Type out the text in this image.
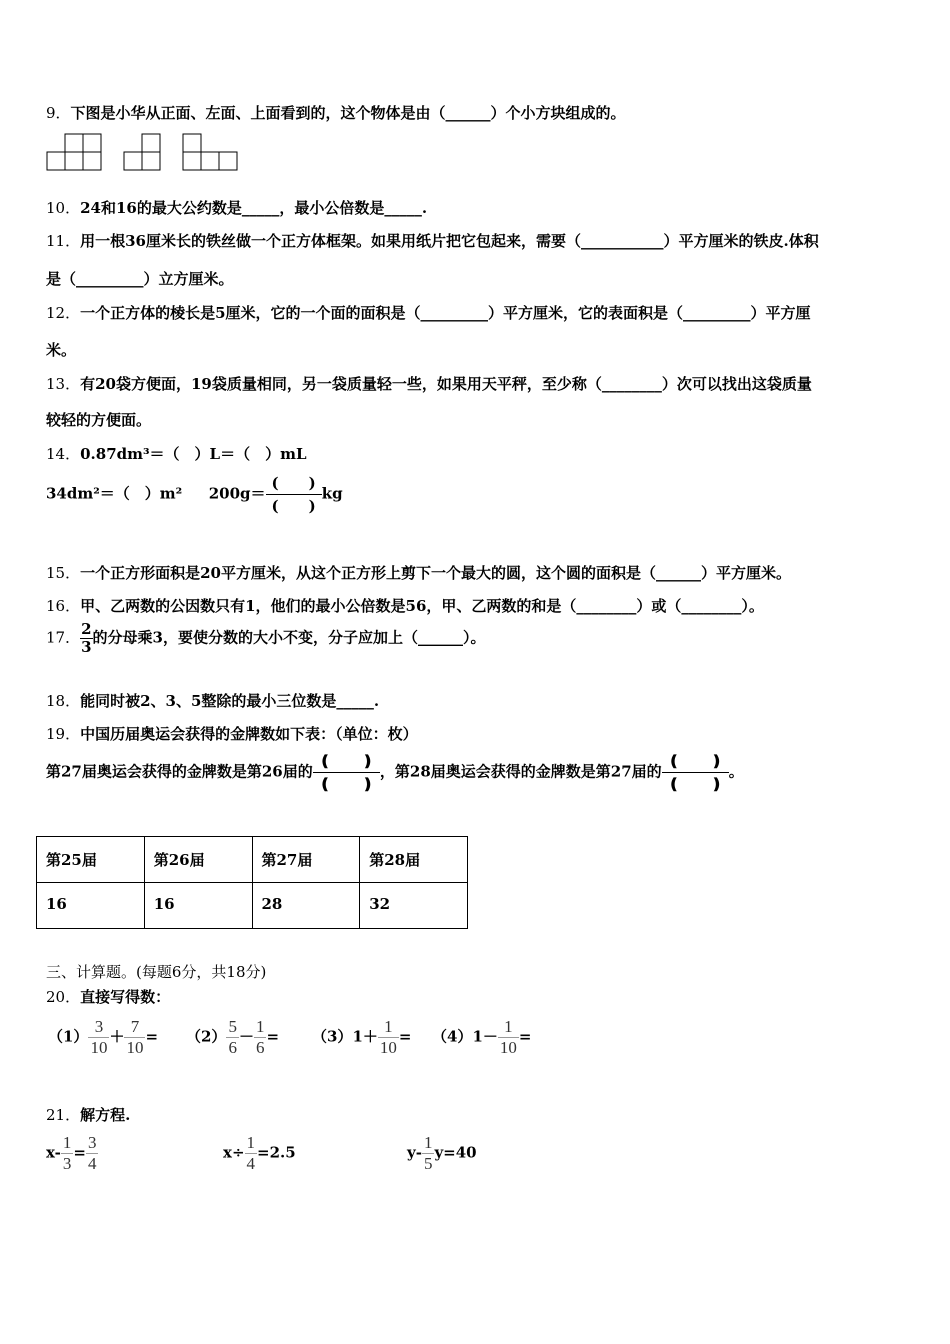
9．下图是小华从正面、左面、上面看到的，这个物体是由（______）个小方块组成的。
10．24和16的最大公约数是_____，最小公倍数是_____.
11．用一根36厘米长的铁丝做一个正方体框架。如果用纸片把它包起来，需要（___________）平方厘米的铁皮.体积
是（_________）立方厘米。
12．一个正方体的棱长是5厘米，它的一个面的面积是（_________）平方厘米，它的表面积是（_________）平方厘
米。
13．有20袋方便面，19袋质量相同，另一袋质量轻一些，如果用天平秤，至少称（________）次可以找出这袋质量
较轻的方便面。
14．0.87dm³＝（　）L＝（　）mL
34dm²＝（　）m² 200g＝
(　　)
(　　)
kg
15．一个正方形面积是20平方厘米，从这个正方形上剪下一个最大的圆，这个圆的面积是（______）平方厘米。
16．甲、乙两数的公因数只有1，他们的最小公倍数是56，甲、乙两数的和是（________）或（________）。
17． $\frac{2}{3}$ 的分母乘3，要使分数的大小不变，分子应加上（______）。
18．能同时被2、3、5整除的最小三位数是_____.
19．中国历届奥运会获得的金牌数如下表：（单位：枚）
第27届奥运会获得的金牌数是第26届的
❪　　❫
❪　　❫
，第28届奥运会获得的金牌数是第27届的
❪　　❫
❪　　❫
。
第25届	第26届	第27届	第28届
16	16	28	32
三、计算题。(每题6分，共18分)
20．直接写得数：
$(1) \frac{3}{10} + \frac{7}{10} = (2) \frac{5}{6} - \frac{1}{6} = (3)1+ \frac{1}{10} = (4)1- \frac{1}{10}$ =
21．解方程.
$x- \frac{1}{3} = \frac{3}{4}$	$x\div \frac{1}{4} =2.5$	$y- \frac{1}{5} y=40$
